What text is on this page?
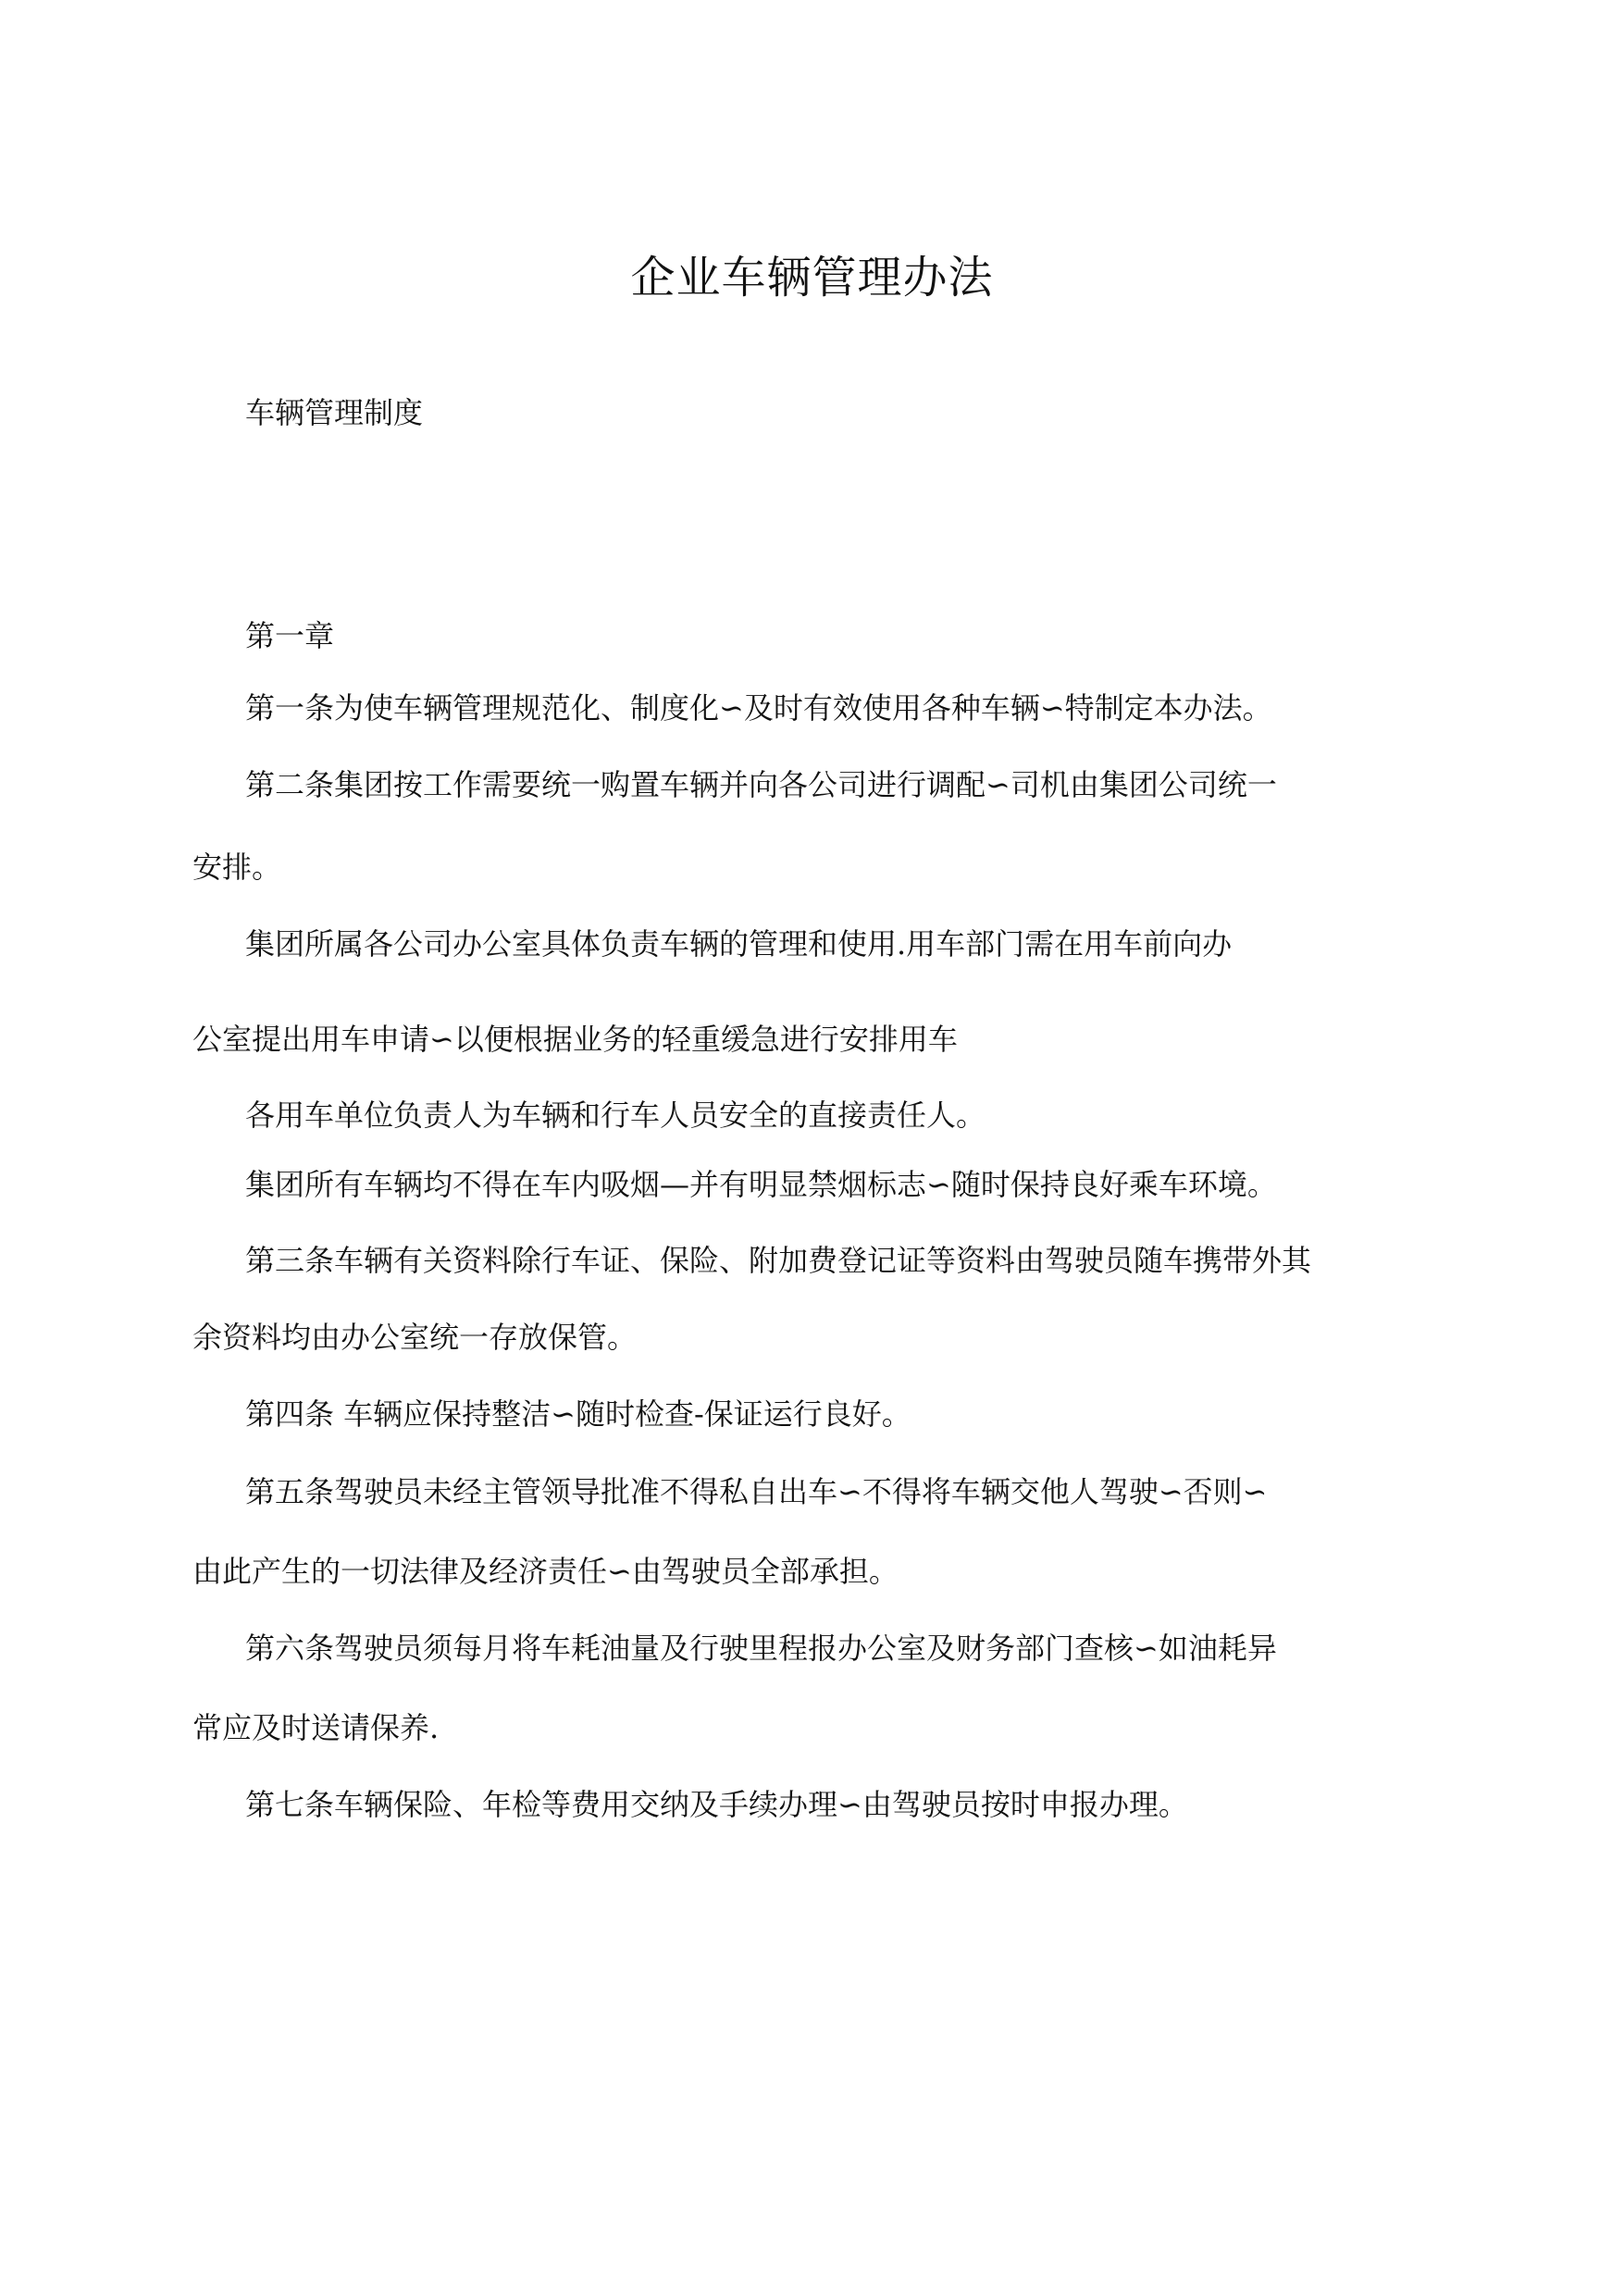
企业车辆管理办法

车辆管理制度

第一章

第一条为使车辆管理规范化、制度化∽及时有效使用各种车辆∽特制定本办法。

第二条集团按工作需要统一购置车辆并向各公司进行调配∽司机由集团公司统一

安排。

集团所属各公司办公室具体负责车辆的管理和使用.用车部门需在用车前向办

公室提出用车申请∽以便根据业务的轻重缓急进行安排用车

各用车单位负责人为车辆和行车人员安全的直接责任人。

集团所有车辆均不得在车内吸烟—并有明显禁烟标志∽随时保持良好乘车环境。

第三条车辆有关资料除行车证、保险、附加费登记证等资料由驾驶员随车携带外其

余资料均由办公室统一存放保管。

第四条 车辆应保持整洁∽随时检查-保证运行良好。

第五条驾驶员未经主管领导批准不得私自出车∽不得将车辆交他人驾驶∽否则∽

由此产生的一切法律及经济责任∽由驾驶员全部承担。

第六条驾驶员须每月将车耗油量及行驶里程报办公室及财务部门查核∽如油耗异

常应及时送请保养.

第七条车辆保险、年检等费用交纳及手续办理∽由驾驶员按时申报办理。
